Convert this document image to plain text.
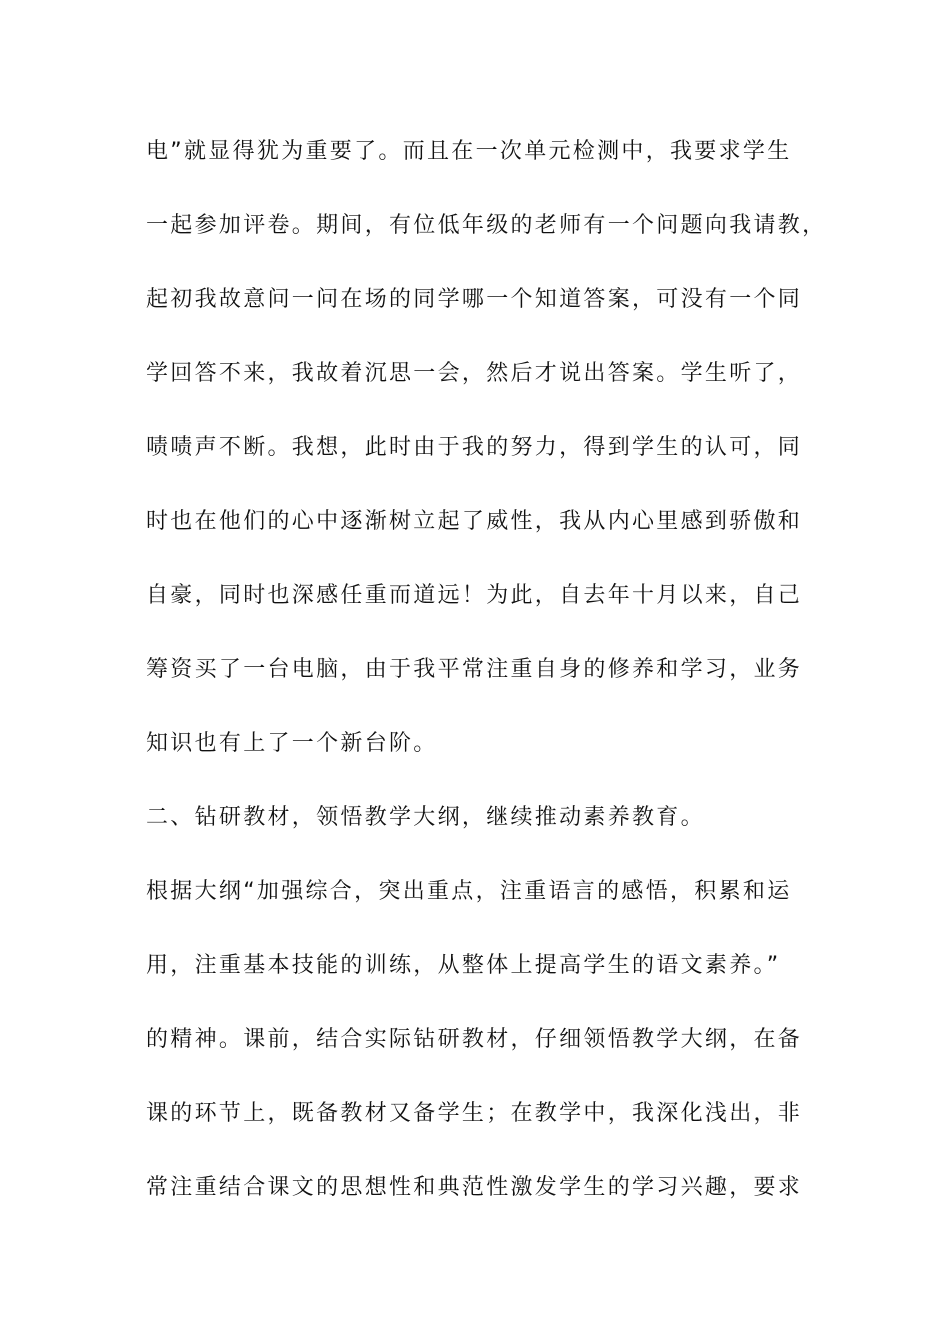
电”就显得犹为重要了。而且在一次单元检测中，我要求学生
一起参加评卷。期间，有位低年级的老师有一个问题向我请教，
起初我故意问一问在场的同学哪一个知道答案，可没有一个同
学回答不来，我故着沉思一会，然后才说出答案。学生听了，
啧啧声不断。我想，此时由于我的努力，得到学生的认可，同
时也在他们的心中逐渐树立起了威性，我从内心里感到骄傲和
自豪，同时也深感任重而道远！为此，自去年十月以来，自己
筹资买了一台电脑，由于我平常注重自身的修养和学习，业务
知识也有上了一个新台阶。
二、钻研教材，领悟教学大纲，继续推动素养教育。
根据大纲“加强综合，突出重点，注重语言的感悟，积累和运
用，注重基本技能的训练，从整体上提高学生的语文素养。”
的精神。课前，结合实际钻研教材，仔细领悟教学大纲，在备
课的环节上，既备教材又备学生；在教学中，我深化浅出，非
常注重结合课文的思想性和典范性激发学生的学习兴趣，要求
